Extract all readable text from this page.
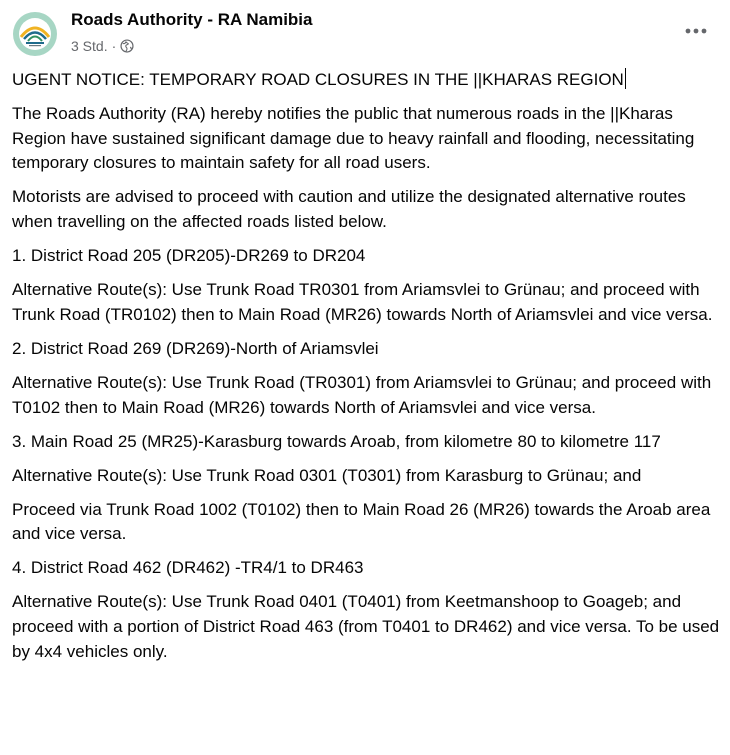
Roads Authority - RA Namibia
3 Std. ·

UGENT NOTICE: TEMPORARY ROAD CLOSURES IN THE ||KHARAS REGION

The Roads Authority (RA) hereby notifies the public that numerous roads in the ||Kharas Region have sustained significant damage due to heavy rainfall and flooding, necessitating temporary closures to maintain safety for all road users.

Motorists are advised to proceed with caution and utilize the designated alternative routes when travelling on the affected roads listed below.

1. District Road 205 (DR205)-DR269 to DR204

Alternative Route(s): Use Trunk Road TR0301 from Ariamsvlei to Grünau; and proceed with Trunk Road (TR0102) then to Main Road (MR26) towards North of Ariamsvlei and vice versa.

2. District Road 269 (DR269)-North of Ariamsvlei

Alternative Route(s): Use Trunk Road (TR0301) from Ariamsvlei to Grünau; and proceed with T0102 then to Main Road (MR26) towards North of Ariamsvlei and vice versa.

3. Main Road 25 (MR25)-Karasburg towards Aroab, from kilometre 80 to kilometre 117

Alternative Route(s): Use Trunk Road 0301 (T0301) from Karasburg to Grünau; and

Proceed via Trunk Road 1002 (T0102) then to Main Road 26 (MR26) towards the Aroab area and vice versa.

4. District Road 462 (DR462) -TR4/1 to DR463

Alternative Route(s): Use Trunk Road 0401 (T0401) from Keetmanshoop to Goageb; and proceed with a portion of District Road 463 (from T0401 to DR462) and vice versa. To be used by 4x4 vehicles only.
